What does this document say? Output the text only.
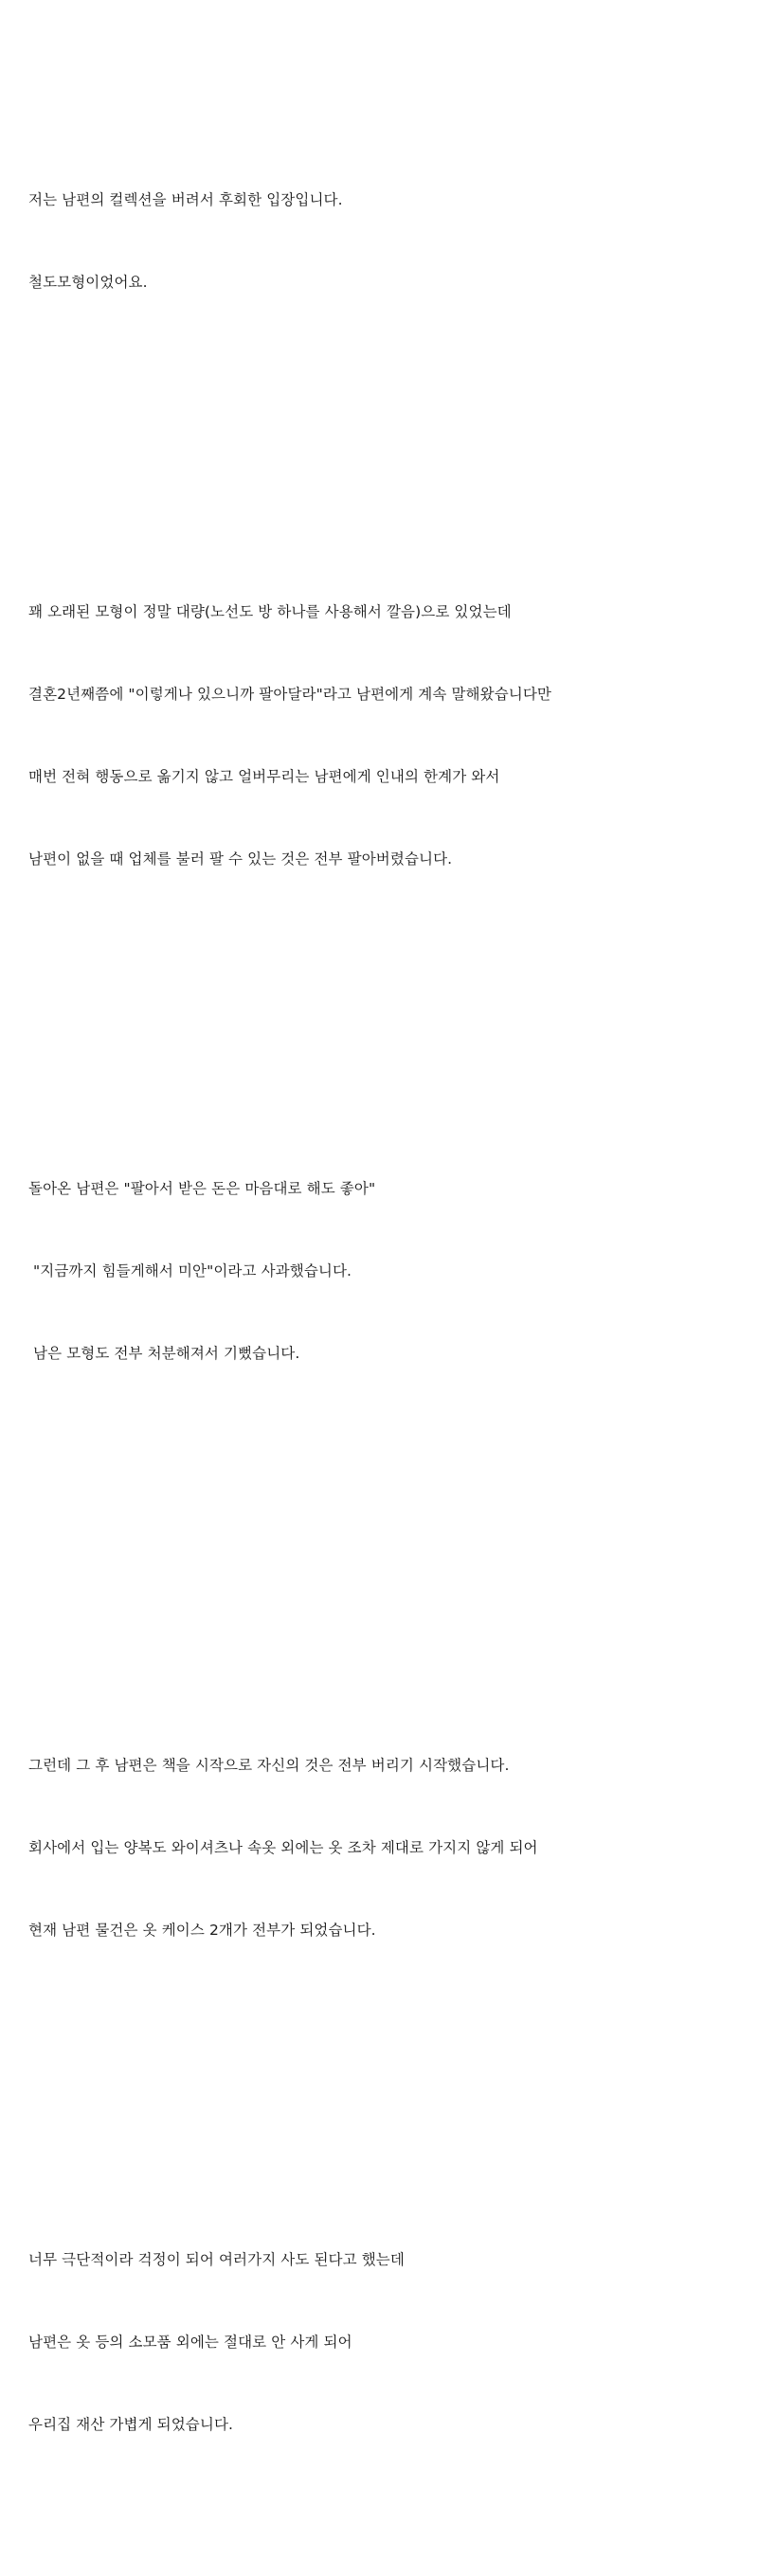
저는 남편의 컬렉션을 버려서 후회한 입장입니다.

철도모형이었어요.

꽤 오래된 모형이 정말 대량(노선도 방 하나를 사용해서 깔음)으로 있었는데

결혼2년째쯤에 "이렇게나 있으니까 팔아달라"라고 남편에게 계속 말해왔습니다만

매번 전혀 행동으로 옮기지 않고 얼버무리는 남편에게 인내의 한계가 와서

남편이 없을 때 업체를 불러 팔 수 있는 것은 전부 팔아버렸습니다.

돌아온 남편은 "팔아서 받은 돈은 마음대로 해도 좋아"

"지금까지 힘들게해서 미안"이라고 사과했습니다.

남은 모형도 전부 처분해져서 기뻤습니다.

그런데 그 후 남편은 책을 시작으로 자신의 것은 전부 버리기 시작했습니다.

회사에서 입는 양복도 와이셔츠나 속옷 외에는 옷 조차 제대로 가지지 않게 되어

현재 남편 물건은 옷 케이스 2개가 전부가 되었습니다.

너무 극단적이라 걱정이 되어 여러가지 사도 된다고 했는데

남편은 옷 등의 소모품 외에는 절대로 안 사게 되어

우리집 재산 가볍게 되었습니다.
